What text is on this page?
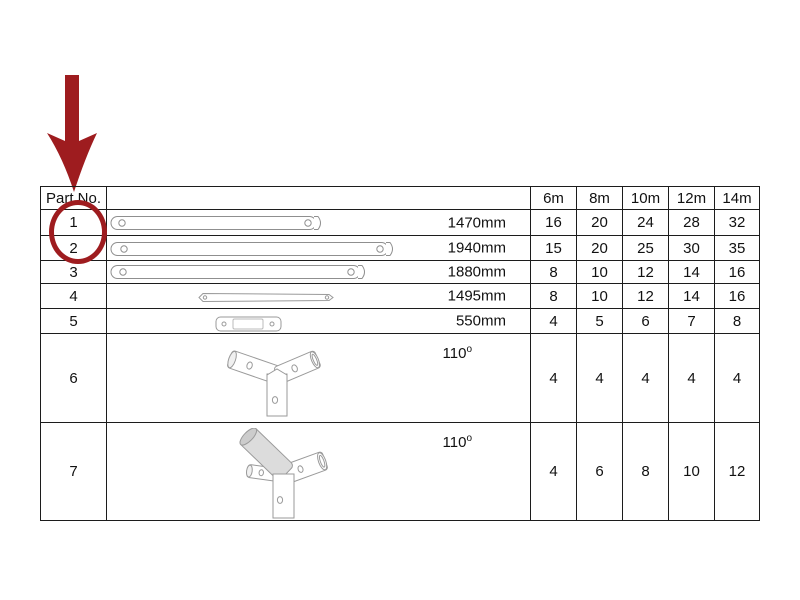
Part No.		6m	8m	10m	12m	14m
1	1470mm	16	20	24	28	32
2	1940mm	15	20	25	30	35
3	1880mm	8	10	12	14	16
4	1495mm	8	10	12	14	16
5	550mm	4	5	6	7	8
6	110$^o$	4	4	4	4	4
7	110$^o$	4	6	8	10	12
